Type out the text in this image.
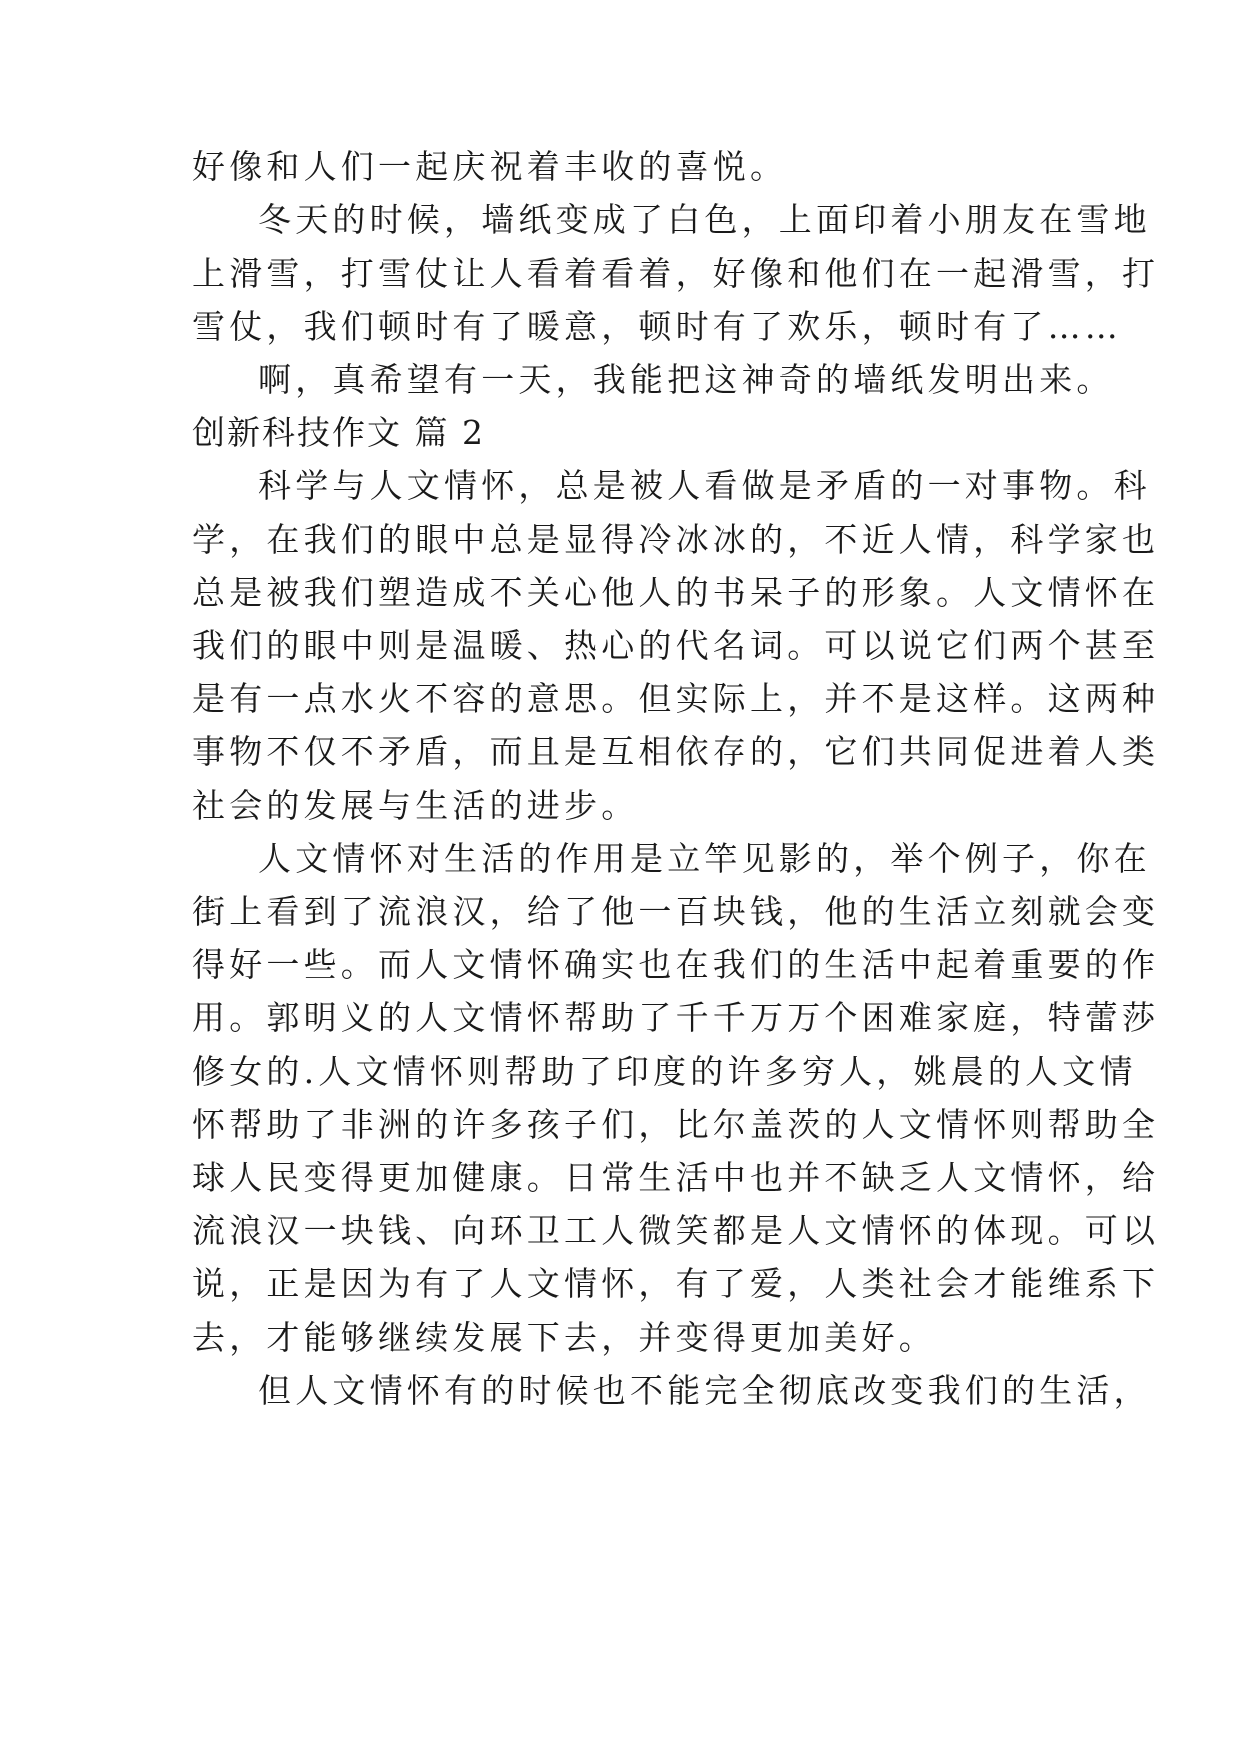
好像和人们一起庆祝着丰收的喜悦。
冬天的时候，墙纸变成了白色，上面印着小朋友在雪地
上滑雪，打雪仗让人看着看着，好像和他们在一起滑雪，打
雪仗，我们顿时有了暖意，顿时有了欢乐，顿时有了……
啊，真希望有一天，我能把这神奇的墙纸发明出来。
创新科技作文 篇 2
科学与人文情怀，总是被人看做是矛盾的一对事物。科
学，在我们的眼中总是显得冷冰冰的，不近人情，科学家也
总是被我们塑造成不关心他人的书呆子的形象。人文情怀在
我们的眼中则是温暖、热心的代名词。可以说它们两个甚至
是有一点水火不容的意思。但实际上，并不是这样。这两种
事物不仅不矛盾，而且是互相依存的，它们共同促进着人类
社会的发展与生活的进步。
人文情怀对生活的作用是立竿见影的，举个例子，你在
街上看到了流浪汉，给了他一百块钱，他的生活立刻就会变
得好一些。而人文情怀确实也在我们的生活中起着重要的作
用。郭明义的人文情怀帮助了千千万万个困难家庭，特蕾莎
修女的.人文情怀则帮助了印度的许多穷人，姚晨的人文情
怀帮助了非洲的许多孩子们，比尔盖茨的人文情怀则帮助全
球人民变得更加健康。日常生活中也并不缺乏人文情怀，给
流浪汉一块钱、向环卫工人微笑都是人文情怀的体现。可以
说，正是因为有了人文情怀，有了爱，人类社会才能维系下
去，才能够继续发展下去，并变得更加美好。
但人文情怀有的时候也不能完全彻底改变我们的生活，
